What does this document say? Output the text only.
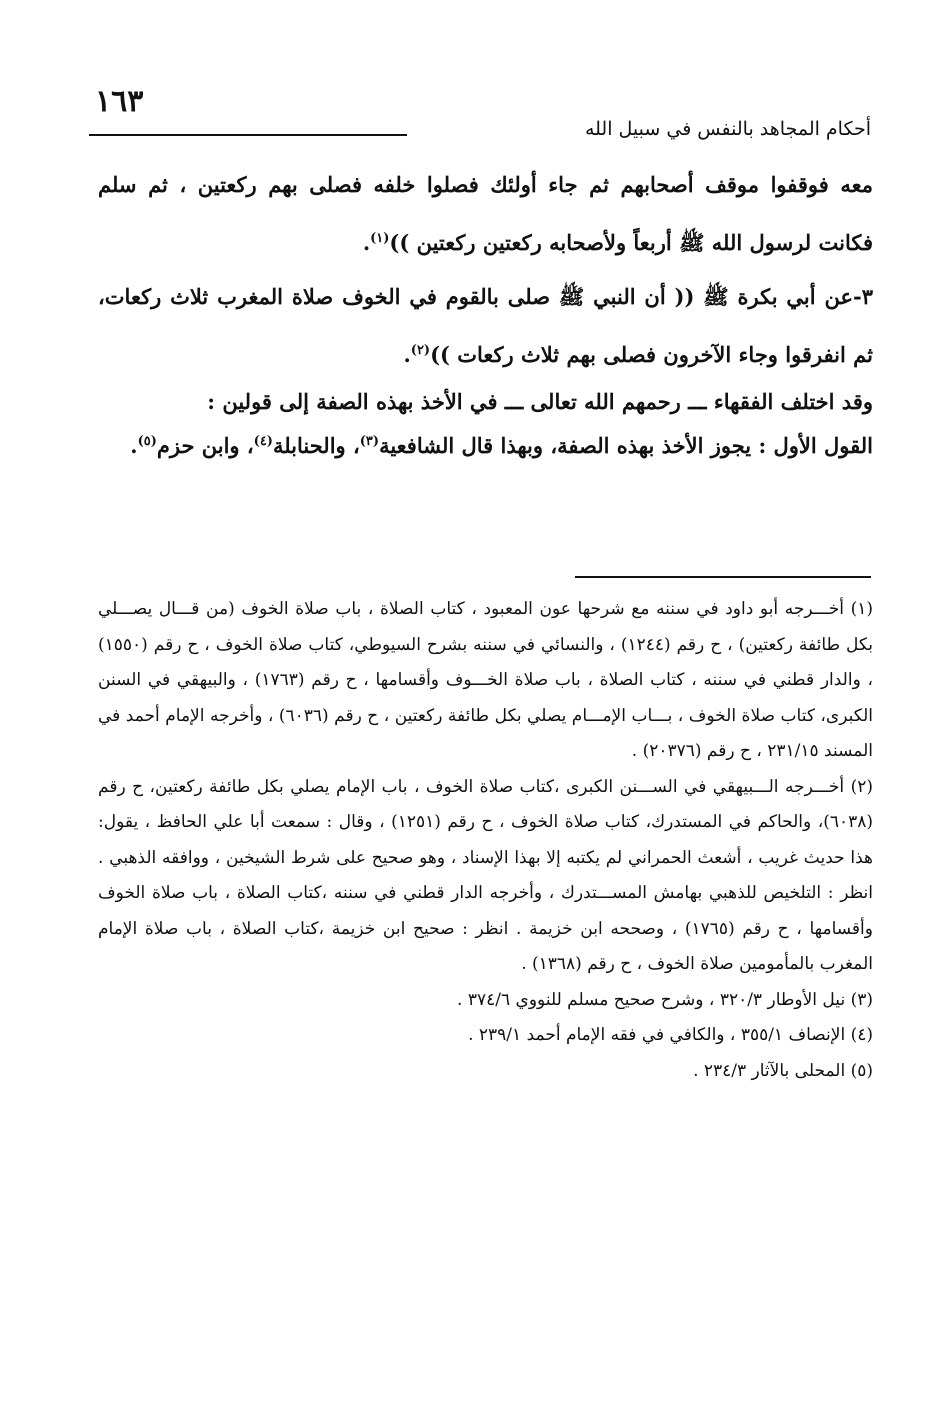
١٦٣
أحكام المجاهد بالنفس في سبيل الله

معه فوقفوا موقف أصحابهم ثم جاء أولئك فصلوا خلفه فصلى بهم ركعتين ، ثم سلم فكانت لرسول الله ﷺ أربعاً ولأصحابه ركعتين ركعتين ))$^{(١)}$.

٣-عن أبي بكرة ﷺ (( أن النبي ﷺ صلى بالقوم في الخوف صلاة المغرب ثلاث ركعات، ثم انفرقوا وجاء الآخرون فصلى بهم ثلاث ركعات ))$^{(٢)}$.

وقد اختلف الفقهاء ـــ رحمهم الله تعالى ـــ في الأخذ بهذه الصفة إلى قولين :

القول الأول : يجوز الأخذ بهذه الصفة، وبهذا قال الشافعية$^{(٣)}$، والحنابلة$^{(٤)}$، وابن حزم$^{(٥)}$.

(١) أخـــرجه أبو داود في سننه مع شرحها عون المعبود ، كتاب الصلاة ، باب صلاة الخوف (من قـــال يصـــلي بكل طائفة ركعتين) ، ح رقم (١٢٤٤) ، والنسائي في سننه بشرح السيوطي، كتاب صلاة الخوف ، ح رقم (١٥٥٠) ، والدار قطني في سننه ، كتاب الصلاة ، باب صلاة الخـــوف وأقسامها ، ح رقم (١٧٦٣) ، والبيهقي في السنن الكبرى، كتاب صلاة الخوف ، بـــاب الإمـــام يصلي بكل طائفة ركعتين ، ح رقم (٦٠٣٦) ، وأخرجه الإمام أحمد في المسند ٢٣١/١٥ ، ح رقم (٢٠٣٧٦) .

(٢) أخـــرجه الـــبيهقي في الســـنن الكبرى ،كتاب صلاة الخوف ، باب الإمام يصلي بكل طائفة ركعتين، ح رقم (٦٠٣٨)، والحاكم في المستدرك، كتاب صلاة الخوف ، ح رقم (١٢٥١) ، وقال : سمعت أبا علي الحافظ ، يقول: هذا حديث غريب ، أشعث الحمراني لم يكتبه إلا بهذا الإسناد ، وهو صحيح على شرط الشيخين ، ووافقه الذهبي . انظر : التلخيص للذهبي بهامش المســـتدرك ، وأخرجه الدار قطني في سننه ،كتاب الصلاة ، باب صلاة الخوف وأقسامها ، ح رقم (١٧٦٥) ، وصححه ابن خزيمة . انظر : صحيح ابن خزيمة ،كتاب الصلاة ، باب صلاة الإمام المغرب بالمأمومين صلاة الخوف ، ح رقم (١٣٦٨) .

(٣) نيل الأوطار ٣٢٠/٣ ، وشرح صحيح مسلم للنووي ٣٧٤/٦ .

(٤) الإنصاف ٣٥٥/١ ، والكافي في فقه الإمام أحمد ٢٣٩/١ .

(٥) المحلى بالآثار ٢٣٤/٣ .
